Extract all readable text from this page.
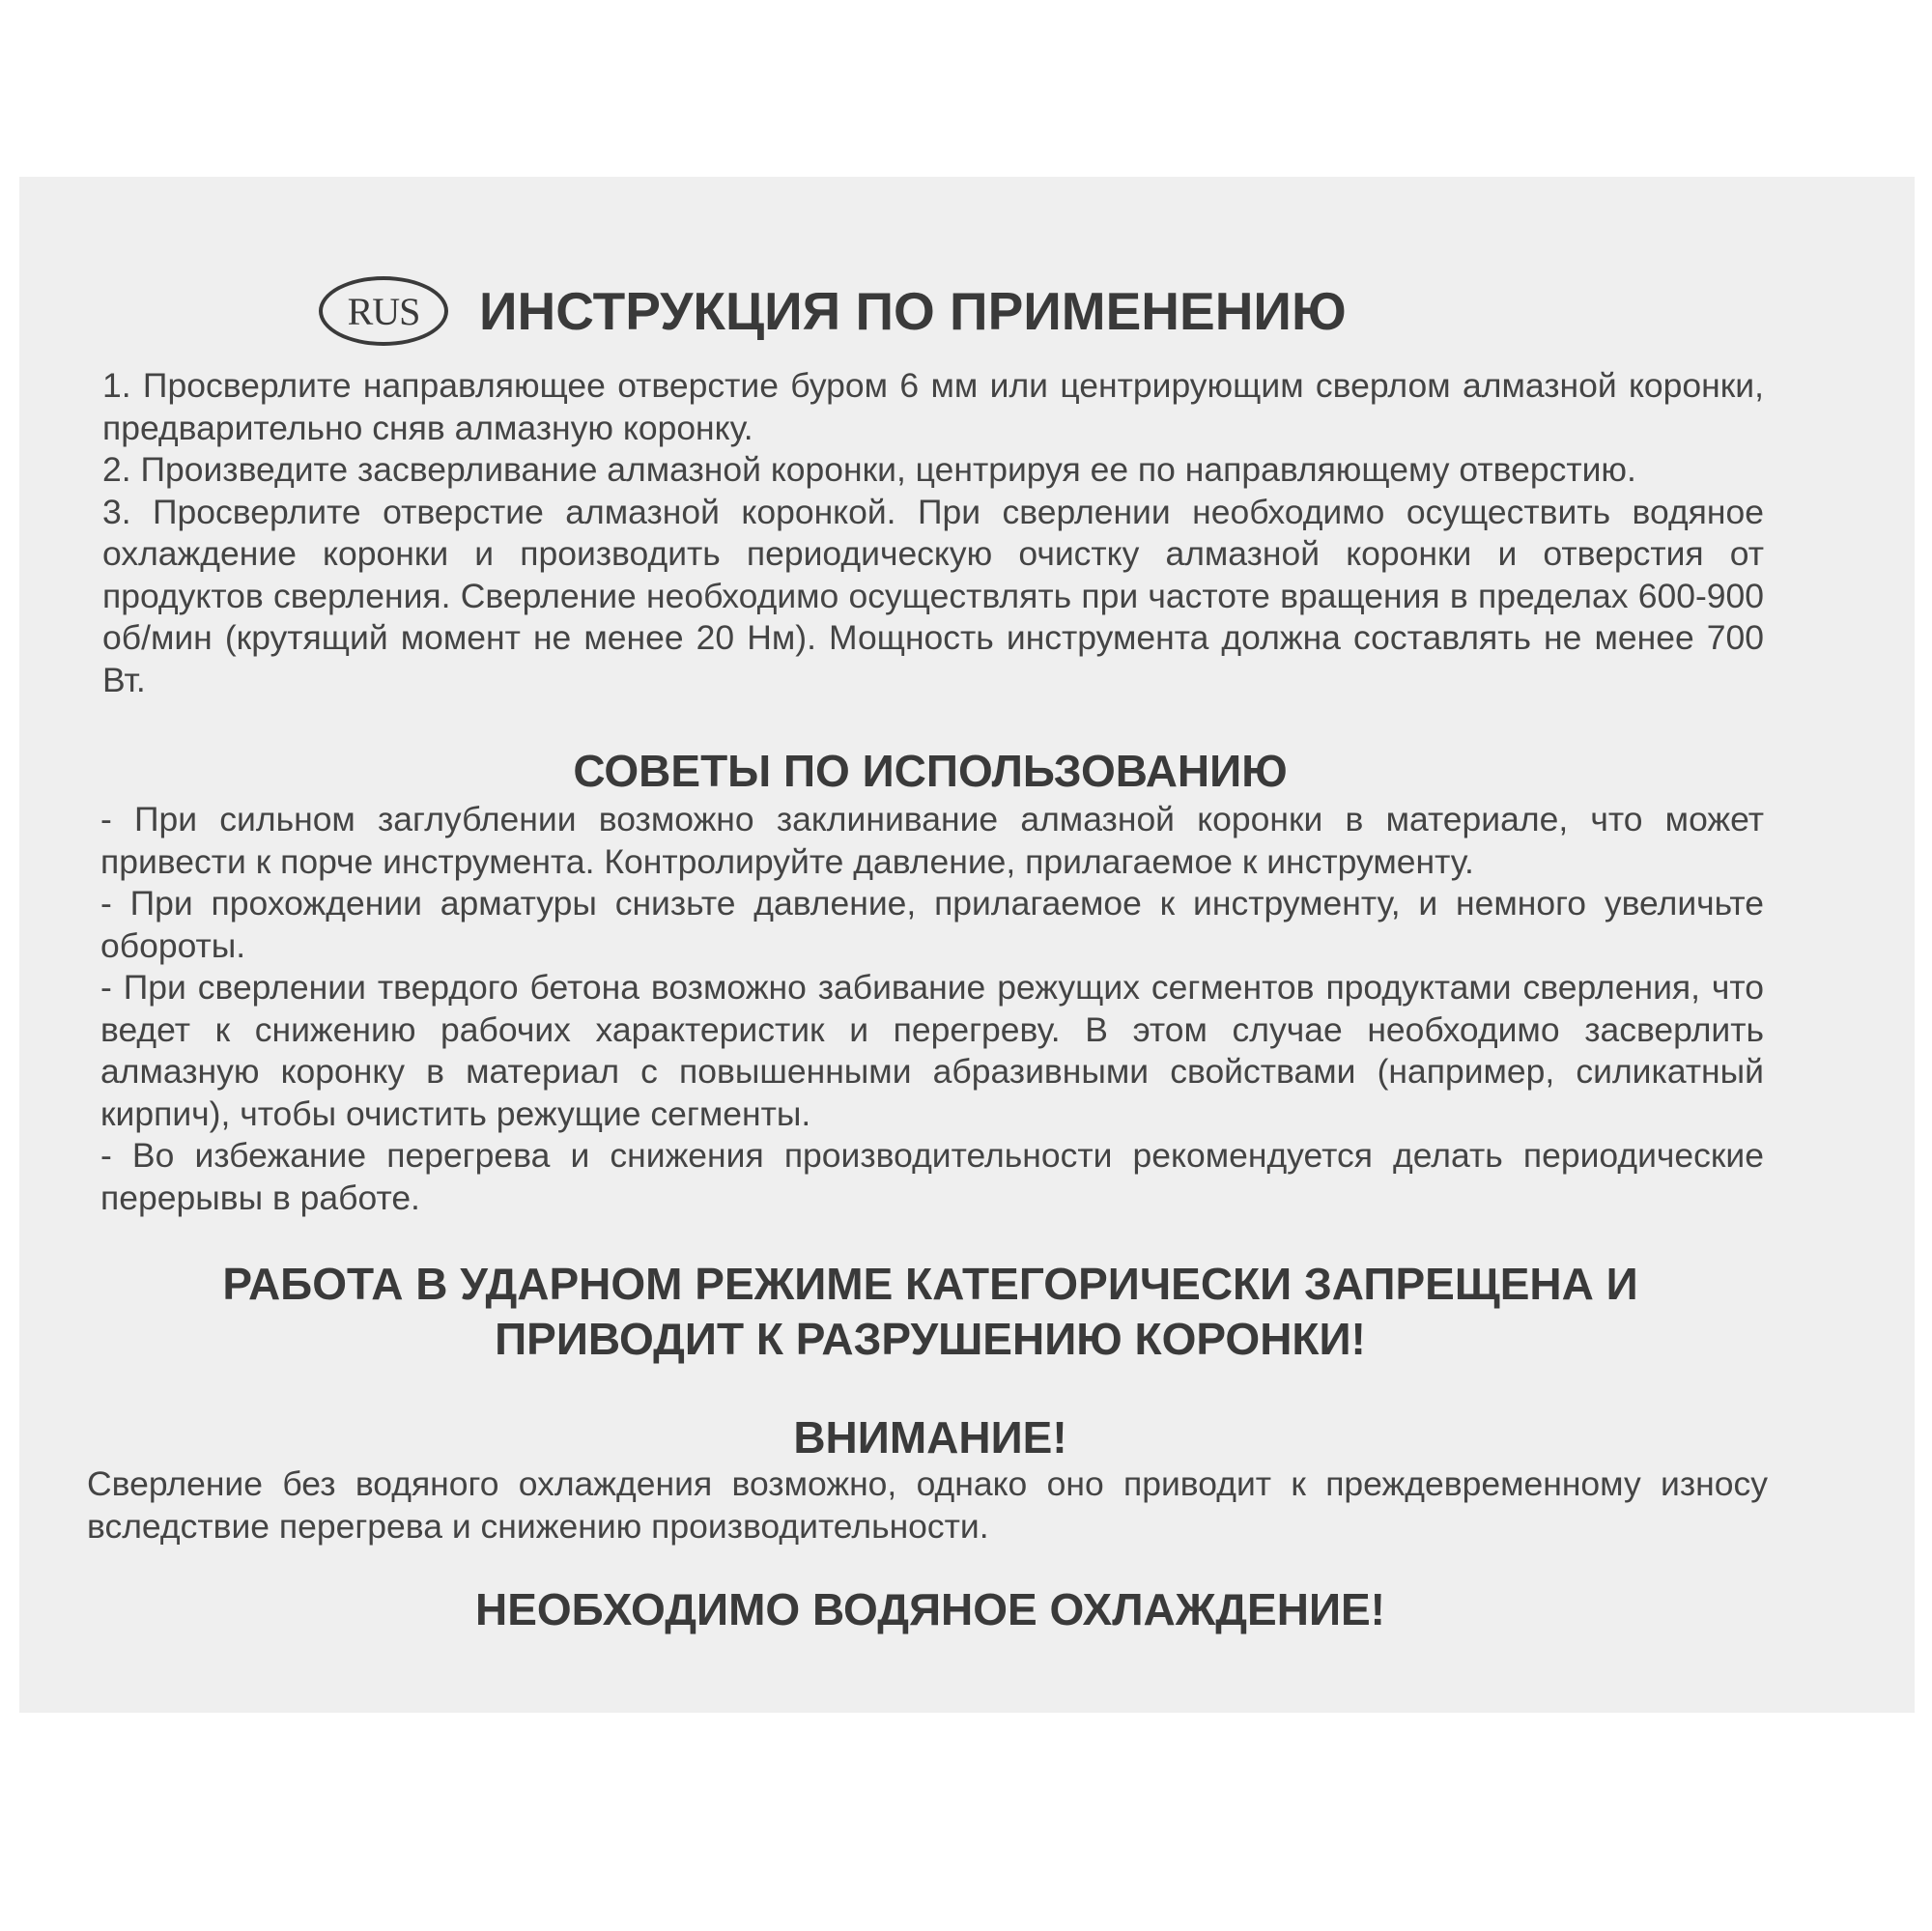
RUS	ИНСТРУКЦИЯ ПО ПРИМЕНЕНИЮ

1. Просверлите направляющее отверстие буром 6 мм или центрирующим сверлом алмазной коронки, предварительно сняв алмазную коронку.

2. Произведите засверливание алмазной коронки, центрируя ее по направляющему отверстию.

3. Просверлите отверстие алмазной коронкой. При сверлении необходимо осуществить водяное охлаждение коронки и производить периодическую очистку алмазной коронки и отверстия от продуктов сверления. Сверление необходимо осуществлять при частоте вращения в пределах 600-900 об/мин (крутящий момент не менее 20 Нм). Мощность инструмента должна составлять не менее 700 Вт.

СОВЕТЫ ПО ИСПОЛЬЗОВАНИЮ

- При сильном заглублении возможно заклинивание алмазной коронки в материале, что может привести к порче инструмента. Контролируйте давление, прилагаемое к инструменту.

- При прохождении арматуры снизьте давление, прилагаемое к инструменту, и немного увеличьте обороты.

- При сверлении твердого бетона возможно забивание режущих сегментов продуктами сверления, что ведет к снижению рабочих характеристик и перегреву. В этом случае необходимо засверлить алмазную коронку в материал с повышенными абразивными свойствами (например, силикатный кирпич), чтобы очистить режущие сегменты.

- Во избежание перегрева и снижения производительности рекомендуется делать периодические перерывы в работе.

РАБОТА В УДАРНОМ РЕЖИМЕ КАТЕГОРИЧЕСКИ ЗАПРЕЩЕНА И
ПРИВОДИТ К РАЗРУШЕНИЮ КОРОНКИ!
ВНИМАНИЕ!

Сверление без водяного охлаждения возможно, однако оно приводит к преждевременному износу вследствие перегрева и снижению производительности.

НЕОБХОДИМО ВОДЯНОЕ ОХЛАЖДЕНИЕ!
